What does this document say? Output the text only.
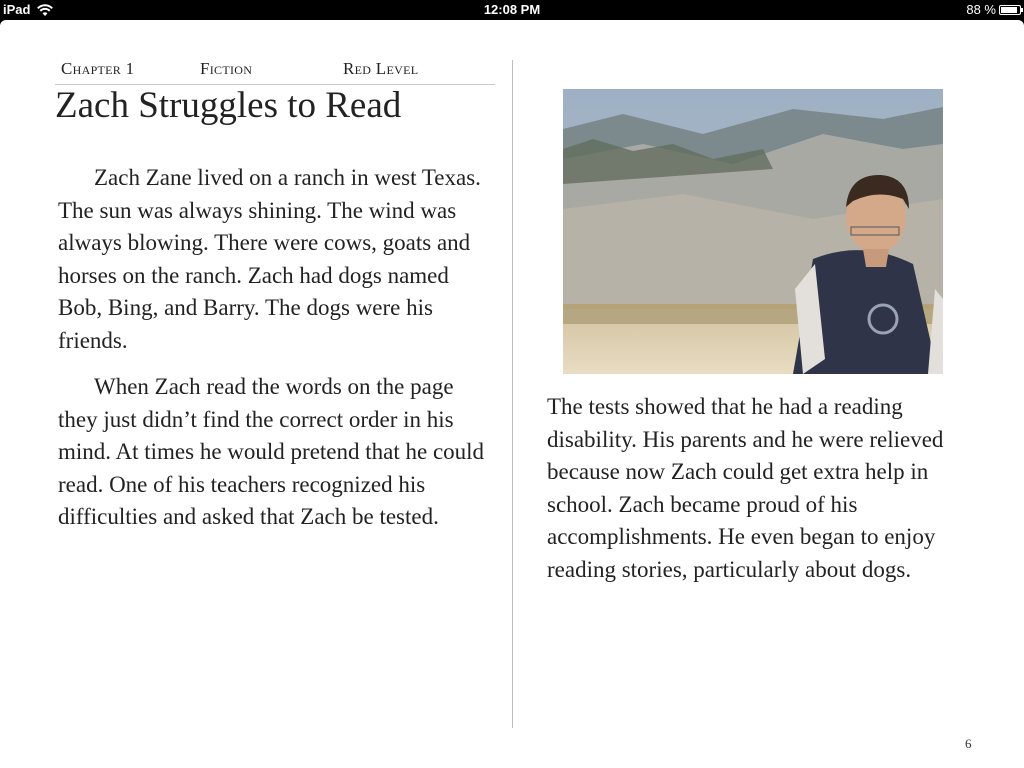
iPad	12:08 PM	88 %
Chapter 1	Fiction	Red Level
Zach Struggles to Read

Zach Zane lived on a ranch in west Texas. The sun was always shining. The wind was always blowing. There were cows, goats and horses on the ranch. Zach had dogs named Bob, Bing, and Barry. The dogs were his friends.

When Zach read the words on the page they just didn’t find the correct order in his mind. At times he would pretend that he could read. One of his teachers recognized his difficulties and asked that Zach be tested.

The tests showed that he had a reading disability. His parents and he were relieved because now Zach could get extra help in school. Zach became proud of his accomplishments. He even began to enjoy reading stories, particularly about dogs.

6
